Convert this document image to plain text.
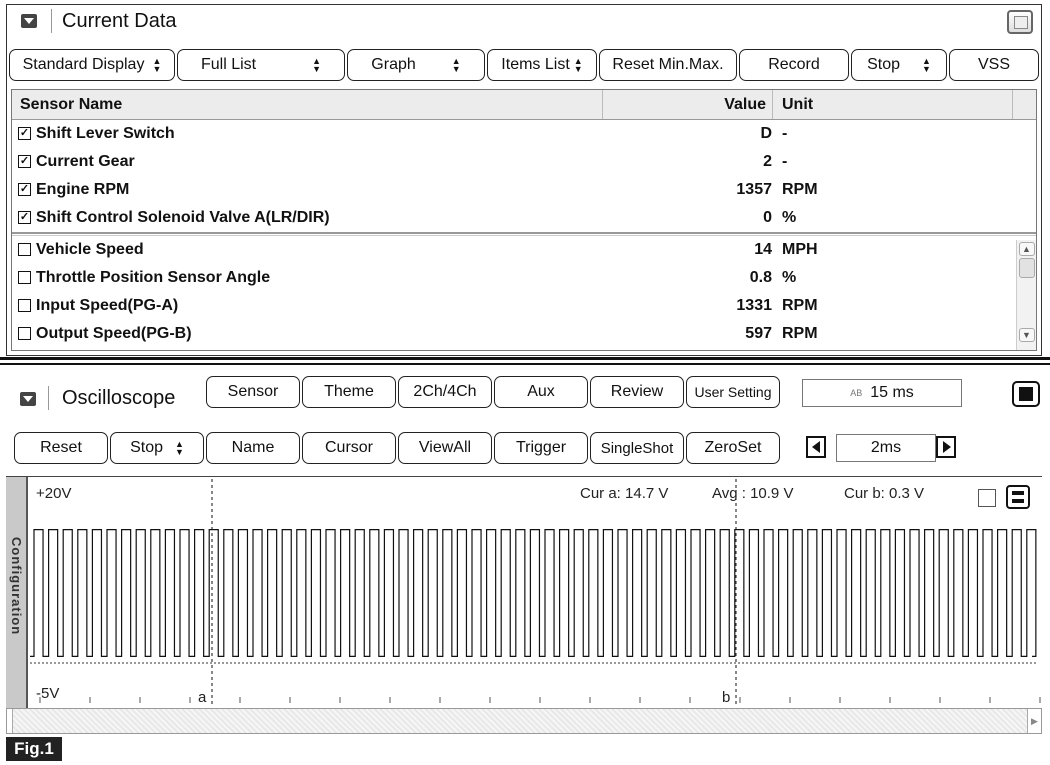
Current Data
Standard Display ▲
▼ Full List	▲
▼	Graph	▲
▼	Items List ▲
▼ Reset Min.Max.	Record	Stop ▲
▼	VSS
Sensor Name	Value Unit
✓ Shift Lever Switch	D -
✓ Current Gear	2 -
✓ Engine RPM	1357 RPM
✓ Shift Control Solenoid Valve A(LR/DIR)	0 %
Vehicle Speed	14 MPH
Throttle Position Sensor Angle	0.8 %
Input Speed(PG-A)	1331 RPM
Output Speed(PG-B)	597 RPM
▲
▼
Oscilloscope	Sensor	Theme	2Ch/4Ch	Aux	Review	User Setting	AB 15 ms
Reset	Stop ▲
▼	Name	Cursor	ViewAll	Trigger	SingleShot	ZeroSet	2ms
Configuration
+20V
-5V
Cur a: 14.7 V	Avg : 10.9 V	Cur b: 0.3 V
a	b
▶
Fig.1
